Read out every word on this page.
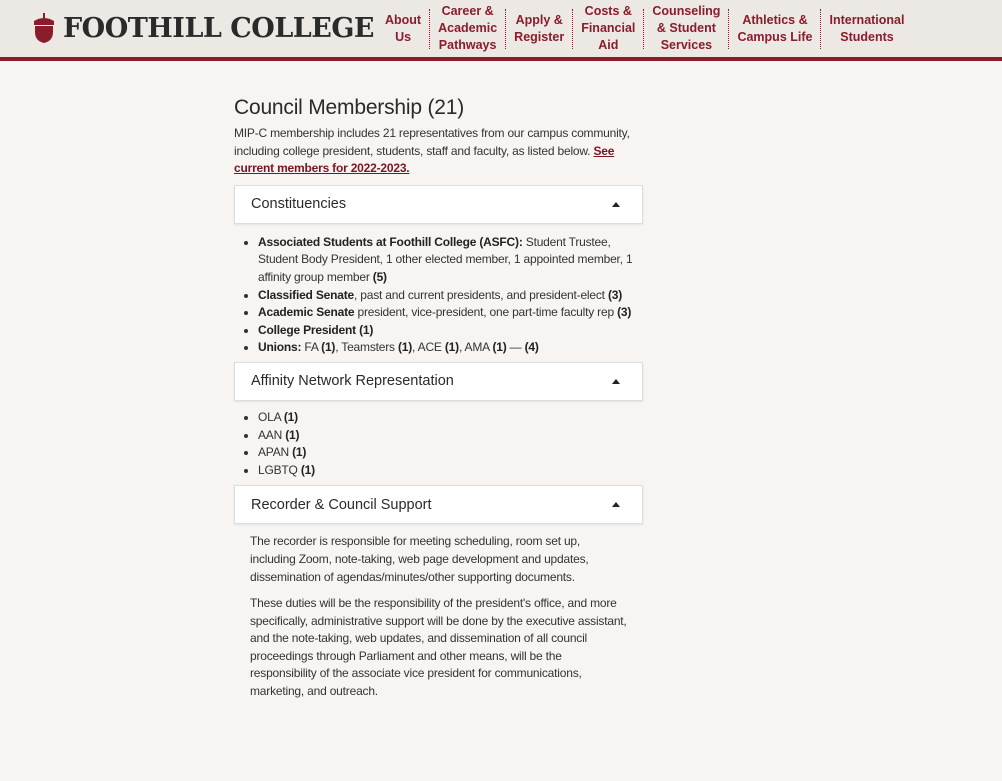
FOOTHILL COLLEGE About
Us
Career &
Academic
Pathways
Apply &
Register
Costs &
Financial
Aid
Counseling
& Student
Services
Athletics &
Campus Life
International
Students
Council Membership (21)

MIP-C membership includes 21 representatives from our campus community, including college president, students, staff and faculty, as listed below. See current members for 2022-2023.

Constituencies
• Associated Students at Foothill College (ASFC): Student Trustee, Student Body President, 1 other elected member, 1 appointed member, 1 affinity group member (5)
• Classified Senate, past and current presidents, and president-elect (3)
• Academic Senate president, vice-president, one part-time faculty rep (3)
• College President (1)
• Unions: FA (1), Teamsters (1), ACE (1), AMA (1) — (4)
Affinity Network Representation
• OLA (1)
• AAN (1)
• APAN (1)
• LGBTQ (1)
Recorder & Council Support

The recorder is responsible for meeting scheduling, room set up, including Zoom, note-taking, web page development and updates, dissemination of agendas/minutes/other supporting documents.

These duties will be the responsibility of the president's office, and more specifically, administrative support will be done by the executive assistant, and the note-taking, web updates, and dissemination of all council proceedings through Parliament and other means, will be the responsibility of the associate vice president for communications, marketing, and outreach.
